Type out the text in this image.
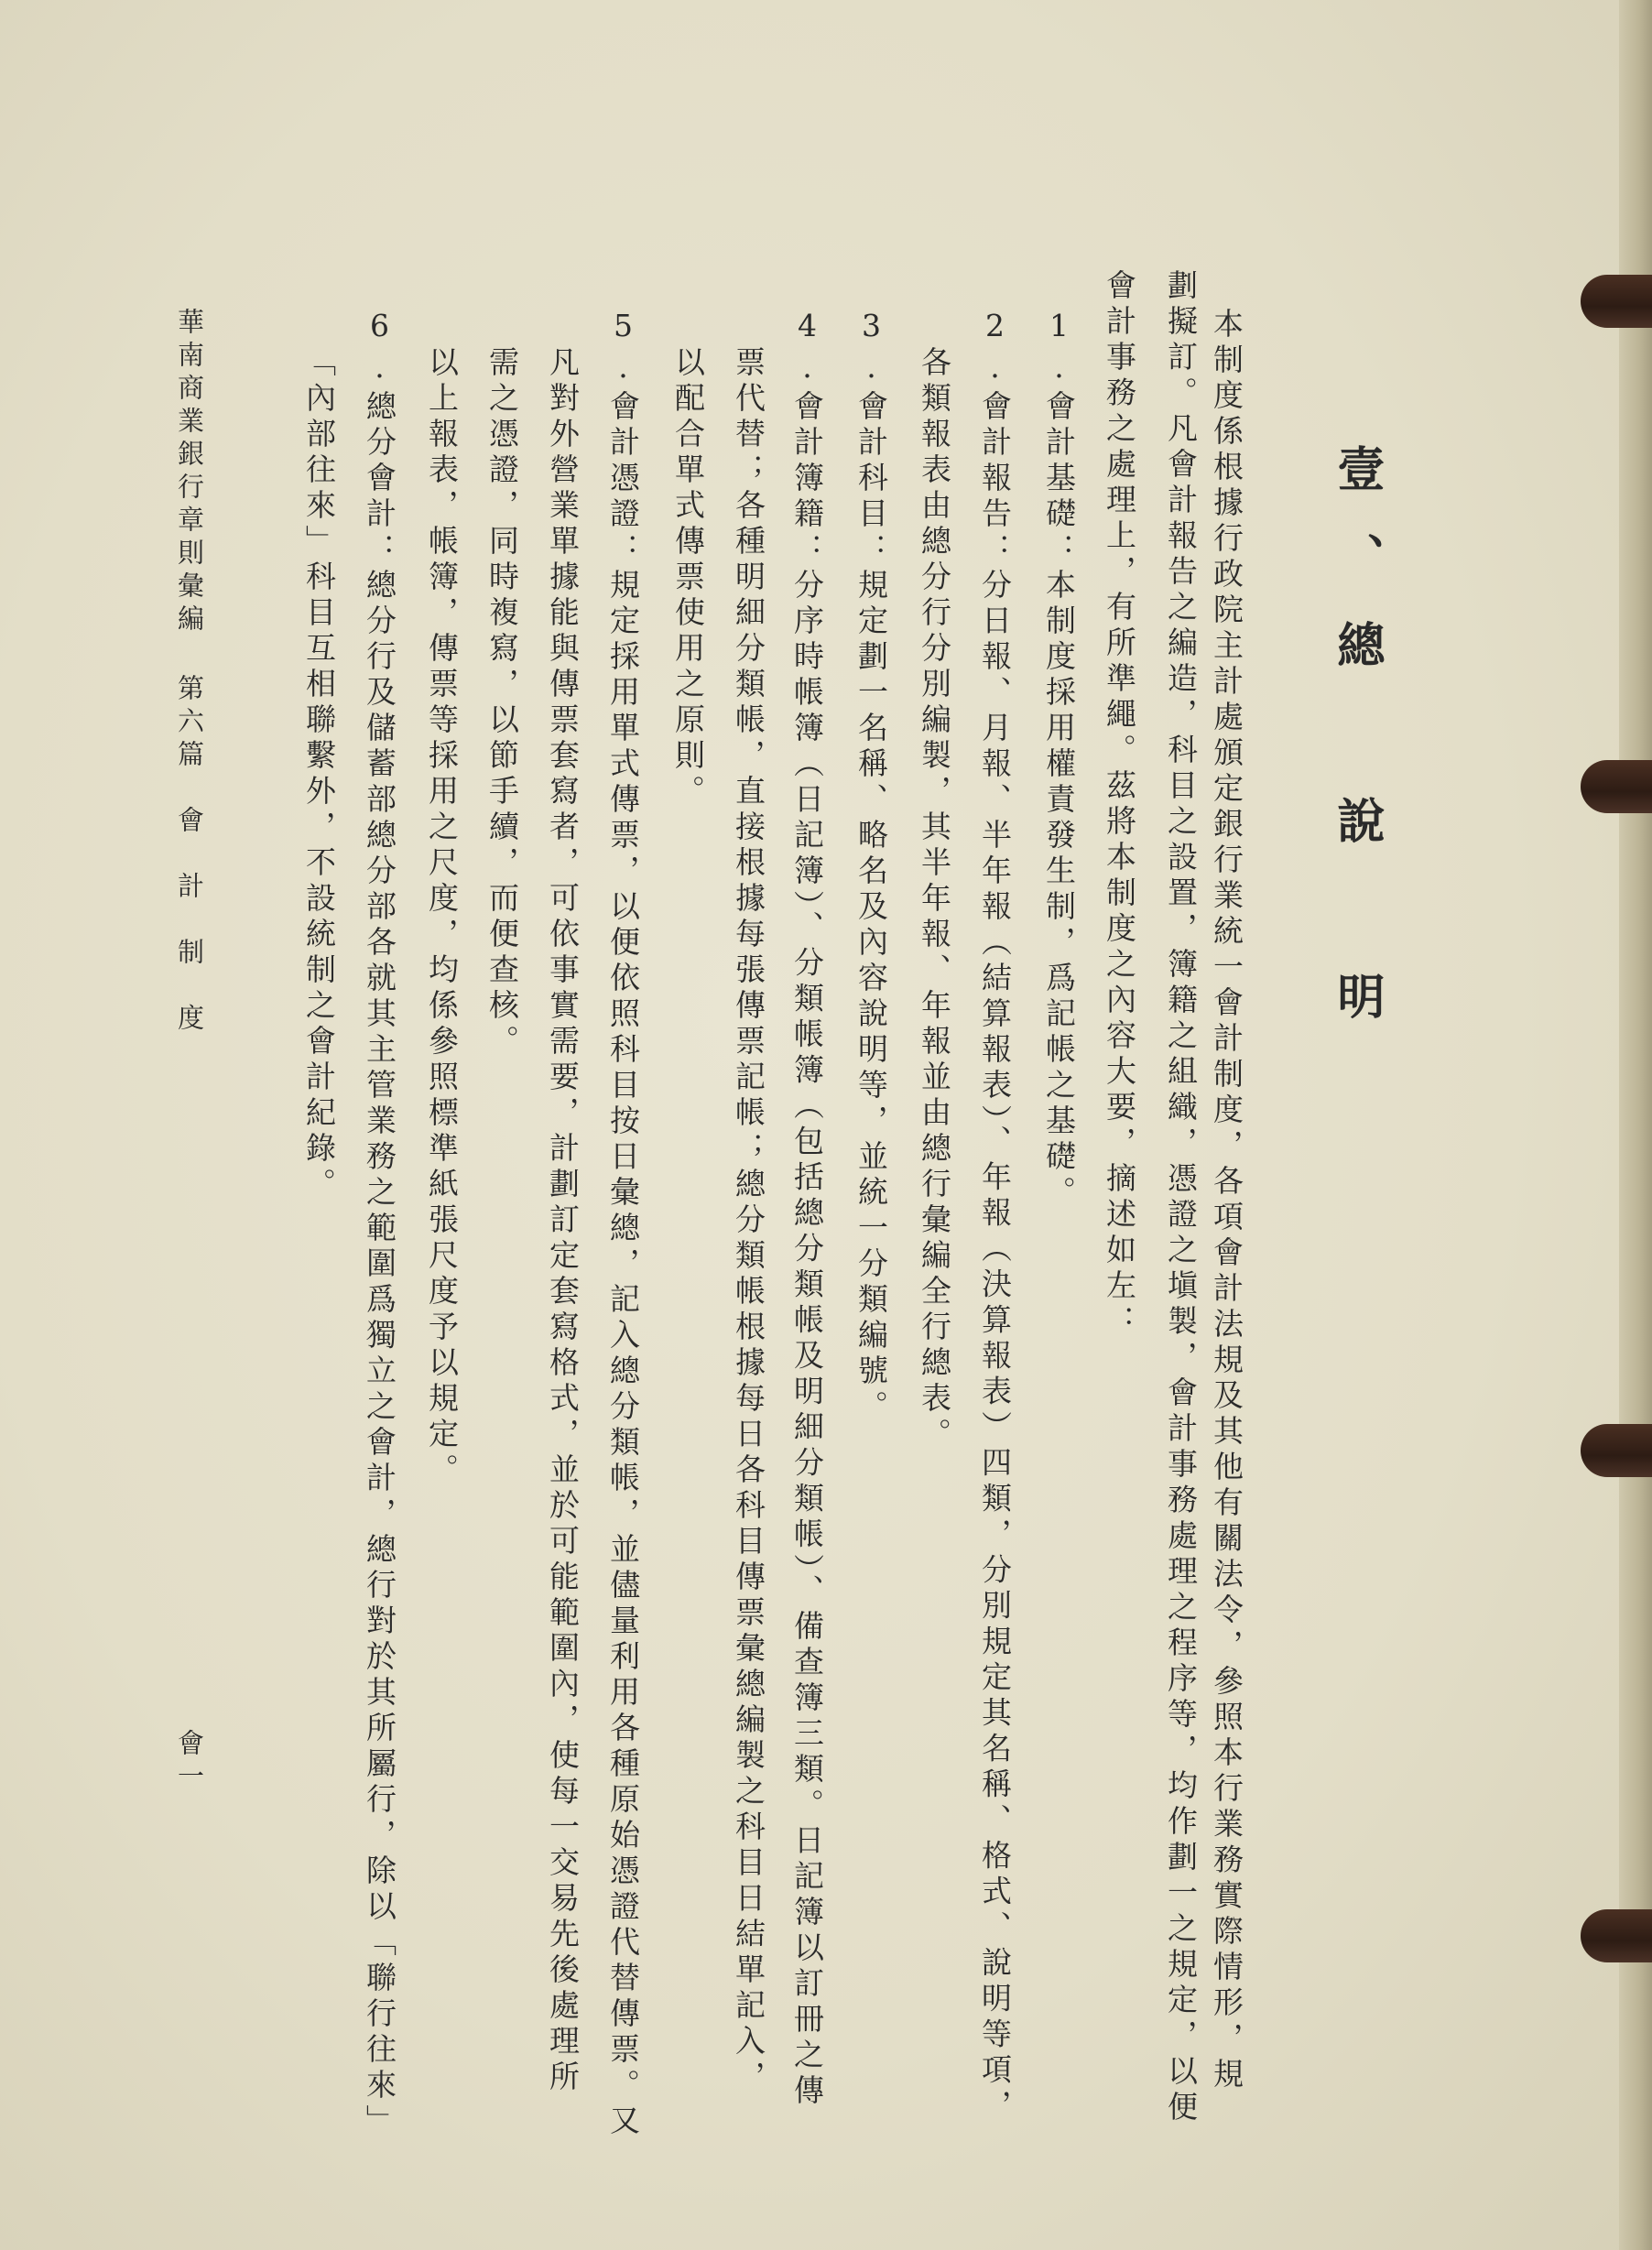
壹、總　說　明
本制度係根據行政院主計處頒定銀行業統一會計制度，各項會計法規及其他有關法令，參照本行業務實際情形，規
劃擬訂。凡會計報告之編造，科目之設置，簿籍之組織，憑證之塡製，會計事務處理之程序等，均作劃一之規定，以便
會計事務之處理上，有所準繩。茲將本制度之內容大要，摘述如左：
1.會計基礎：本制度採用權責發生制，爲記帳之基礎。
2.會計報告：分日報、月報、半年報（結算報表）、年報（決算報表）四類，分別規定其名稱、格式、說明等項，
各類報表由總分行分別編製，其半年報、年報並由總行彙編全行總表。
3.會計科目：規定劃一名稱、略名及內容說明等，並統一分類編號。
4.會計簿籍：分序時帳簿（日記簿）、分類帳簿（包括總分類帳及明細分類帳）、備查簿三類。日記簿以訂冊之傳
票代替；各種明細分類帳，直接根據每張傳票記帳；總分類帳根據每日各科目傳票彙總編製之科目日結單記入，
以配合單式傳票使用之原則。
5.會計憑證：規定採用單式傳票，以便依照科目按日彙總，記入總分類帳，並儘量利用各種原始憑證代替傳票。又
凡對外營業單據能與傳票套寫者，可依事實需要，計劃訂定套寫格式，並於可能範圍內，使每一交易先後處理所
需之憑證，同時複寫，以節手續，而便查核。
以上報表，帳簿，傳票等採用之尺度，均係參照標準紙張尺度予以規定。
6.總分會計：總分行及儲蓄部總分部各就其主管業務之範圍爲獨立之會計，總行對於其所屬行，除以「聯行往來」
「內部往來」科目互相聯繫外，不設統制之會計紀錄。
華南商業銀行章則彙編
第六篇　會　計　制　度
會一
